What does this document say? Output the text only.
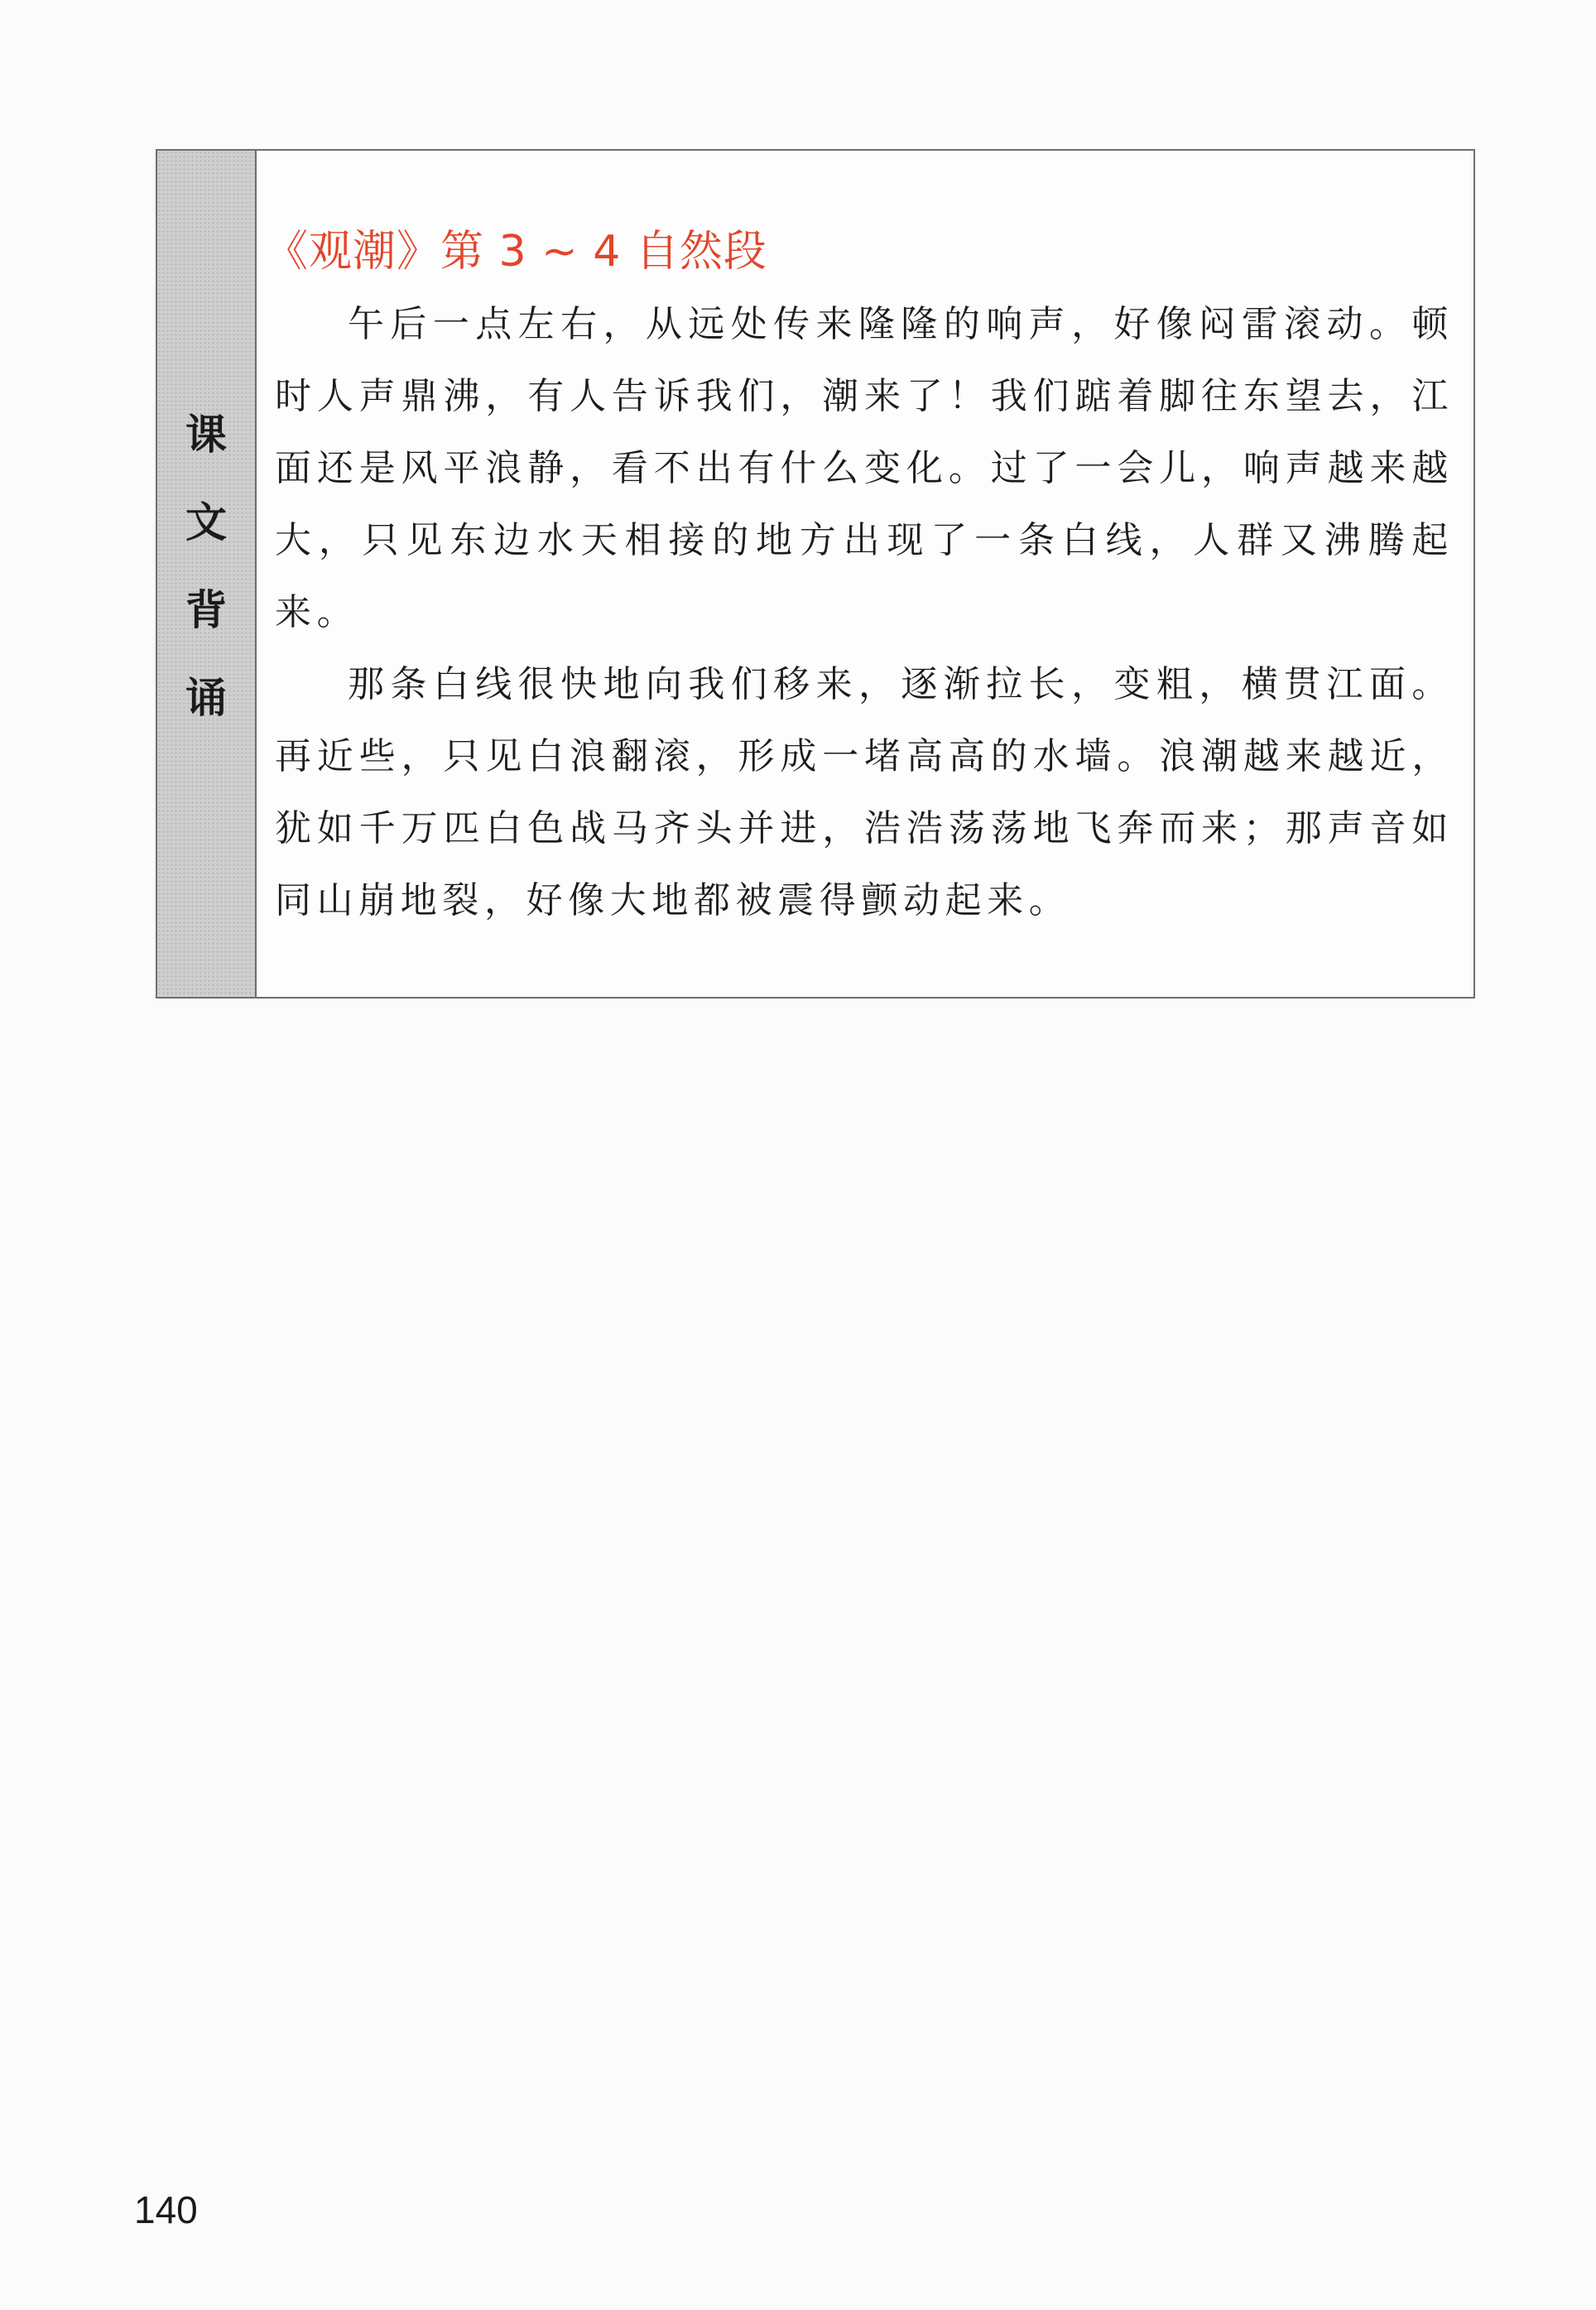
课
文
背
诵
《观潮》第 3 ~ 4 自然段

午后一点左右，从远处传来隆隆的响声，好像闷雷滚动。顿时人声鼎沸，有人告诉我们，潮来了！我们踮着脚往东望去，江面还是风平浪静，看不出有什么变化。过了一会儿，响声越来越大，只见东边水天相接的地方出现了一条白线，人群又沸腾起来。

那条白线很快地向我们移来，逐渐拉长，变粗，横贯江面。再近些，只见白浪翻滚，形成一堵高高的水墙。浪潮越来越近，犹如千万匹白色战马齐头并进，浩浩荡荡地飞奔而来；那声音如同山崩地裂，好像大地都被震得颤动起来。

140
